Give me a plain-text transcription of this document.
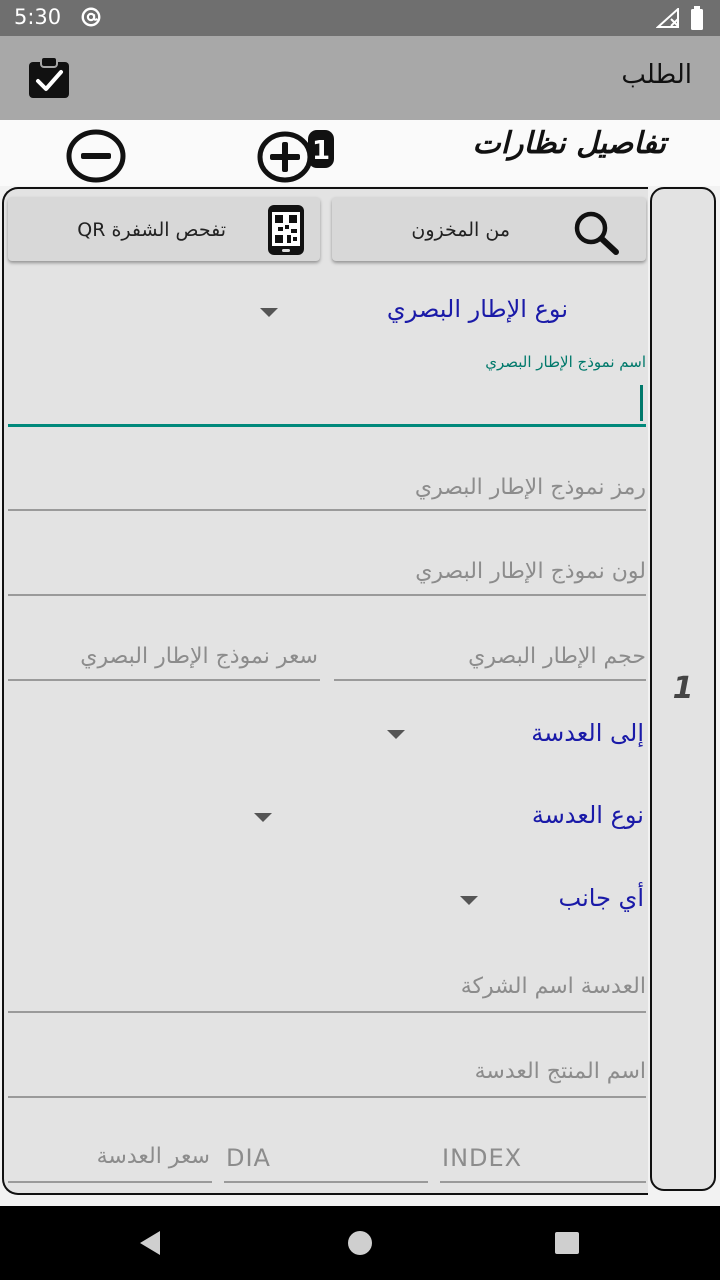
5:30
الطلب
1	تفاصيل نظارات
1
من المخزون
تفحص الشفرة QR
نوع الإطار البصري
اسم نموذج الإطار البصري
رمز نموذج الإطار البصري
لون نموذج الإطار البصري
حجم الإطار البصري
سعر نموذج الإطار البصري
إلى العدسة
نوع العدسة
أي جانب
العدسة اسم الشركة
اسم المنتج العدسة
INDEX
DIA
سعر العدسة
